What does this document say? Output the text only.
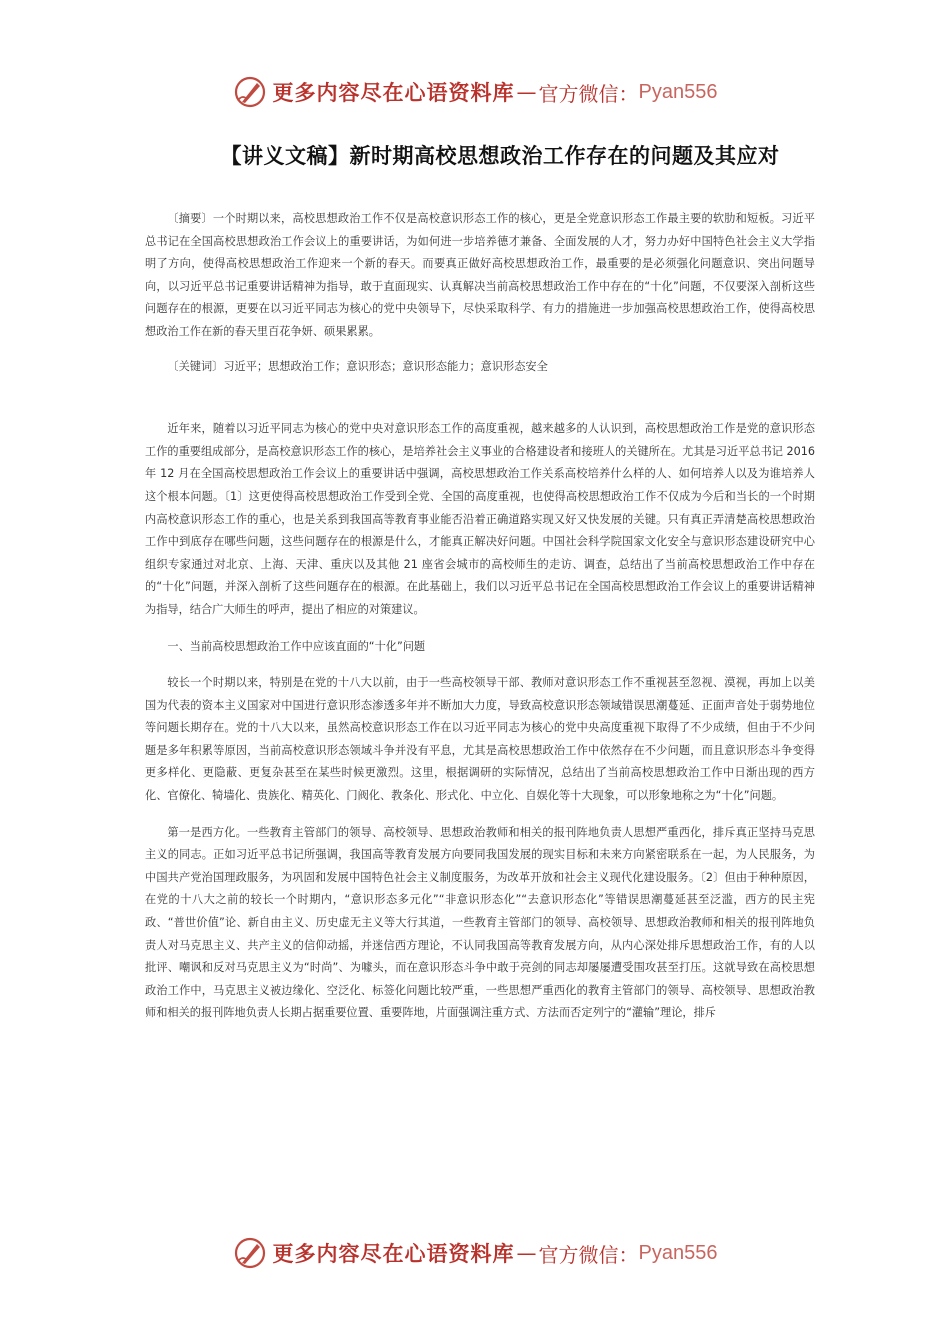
更多内容尽在心语资料库 — 官方微信： Pyan556
【讲义文稿】新时期高校思想政治工作存在的问题及其应对

〔摘要〕一个时期以来，高校思想政治工作不仅是高校意识形态工作的核心，更是全党意识形态工作最主要的软肋和短板。习近平总书记在全国高校思想政治工作会议上的重要讲话，为如何进一步培养德才兼备、全面发展的人才，努力办好中国特色社会主义大学指明了方向，使得高校思想政治工作迎来一个新的春天。而要真正做好高校思想政治工作，最重要的是必须强化问题意识、突出问题导向，以习近平总书记重要讲话精神为指导，敢于直面现实、认真解决当前高校思想政治工作中存在的“十化”问题，不仅要深入剖析这些问题存在的根源，更要在以习近平同志为核心的党中央领导下，尽快采取科学、有力的措施进一步加强高校思想政治工作，使得高校思想政治工作在新的春天里百花争妍、硕果累累。

〔关键词〕习近平；思想政治工作；意识形态；意识形态能力；意识形态安全

近年来，随着以习近平同志为核心的党中央对意识形态工作的高度重视，越来越多的人认识到，高校思想政治工作是党的意识形态工作的重要组成部分，是高校意识形态工作的核心，是培养社会主义事业的合格建设者和接班人的关键所在。尤其是习近平总书记 2016 年 12 月在全国高校思想政治工作会议上的重要讲话中强调，高校思想政治工作关系高校培养什么样的人、如何培养人以及为谁培养人这个根本问题。〔1〕这更使得高校思想政治工作受到全党、全国的高度重视，也使得高校思想政治工作不仅成为今后和当长的一个时期内高校意识形态工作的重心，也是关系到我国高等教育事业能否沿着正确道路实现又好又快发展的关键。只有真正弄清楚高校思想政治工作中到底存在哪些问题，这些问题存在的根源是什么，才能真正解决好问题。中国社会科学院国家文化安全与意识形态建设研究中心组织专家通过对北京、上海、天津、重庆以及其他 21 座省会城市的高校师生的走访、调查，总结出了当前高校思想政治工作中存在的“十化”问题，并深入剖析了这些问题存在的根源。在此基础上，我们以习近平总书记在全国高校思想政治工作会议上的重要讲话精神为指导，结合广大师生的呼声，提出了相应的对策建议。

一、当前高校思想政治工作中应该直面的“十化”问题

较长一个时期以来，特别是在党的十八大以前，由于一些高校领导干部、教师对意识形态工作不重视甚至忽视、漠视，再加上以美国为代表的资本主义国家对中国进行意识形态渗透多年并不断加大力度，导致高校意识形态领域错误思潮蔓延、正面声音处于弱势地位等问题长期存在。党的十八大以来，虽然高校意识形态工作在以习近平同志为核心的党中央高度重视下取得了不少成绩，但由于不少问题是多年积累等原因，当前高校意识形态领域斗争并没有平息，尤其是高校思想政治工作中依然存在不少问题，而且意识形态斗争变得更多样化、更隐蔽、更复杂甚至在某些时候更激烈。这里，根据调研的实际情况，总结出了当前高校思想政治工作中日渐出现的西方化、官僚化、犄墙化、贵族化、精英化、门阀化、教条化、形式化、中立化、自娱化等十大现象，可以形象地称之为“十化”问题。

第一是西方化。一些教育主管部门的领导、高校领导、思想政治教师和相关的报刊阵地负责人思想严重西化，排斥真正坚持马克思主义的同志。正如习近平总书记所强调，我国高等教育发展方向要同我国发展的现实目标和未来方向紧密联系在一起，为人民服务，为中国共产党治国理政服务，为巩固和发展中国特色社会主义制度服务，为改革开放和社会主义现代化建设服务。〔2〕但由于种种原因，在党的十八大之前的较长一个时期内，“意识形态多元化”“非意识形态化”“去意识形态化”等错误思潮蔓延甚至泛滥，西方的民主宪政、“普世价值”论、新自由主义、历史虚无主义等大行其道，一些教育主管部门的领导、高校领导、思想政治教师和相关的报刊阵地负责人对马克思主义、共产主义的信仰动摇，并迷信西方理论，不认同我国高等教育发展方向，从内心深处排斥思想政治工作，有的人以批评、嘲讽和反对马克思主义为“时尚”、为噱头，而在意识形态斗争中敢于亮剑的同志却屡屡遭受围攻甚至打压。这就导致在高校思想政治工作中，马克思主义被边缘化、空泛化、标签化问题比较严重，一些思想严重西化的教育主管部门的领导、高校领导、思想政治教师和相关的报刊阵地负责人长期占据重要位置、重要阵地，片面强调注重方式、方法而否定列宁的“灌输”理论，排斥

更多内容尽在心语资料库 — 官方微信： Pyan556
